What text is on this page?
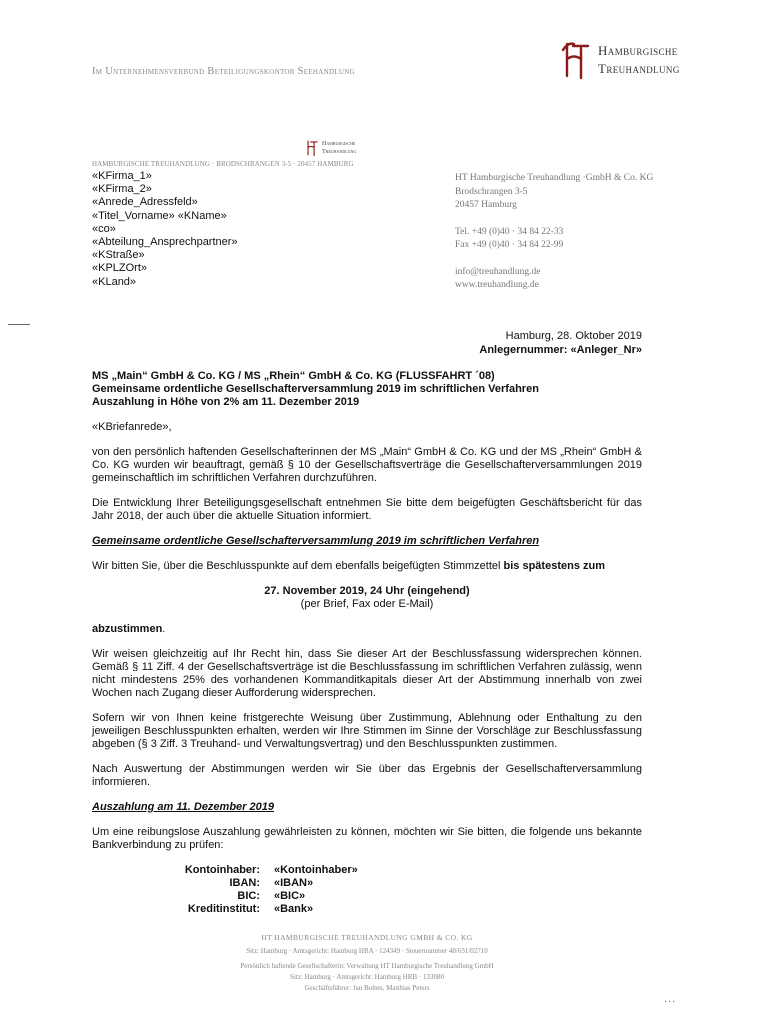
Im Unternehmensverbund Beteiligungskontor Seehandlung
Hamburgische
Treuhandlung
Hamburgische
Treuhandlung
HAMBURGISCHE TREUHANDLUNG · BRODSCHRANGEN 3-5 · 20457 HAMBURG
«KFirma_1»
«KFirma_2»
«Anrede_Adressfeld»
«Titel_Vorname» «KName»
«co»
«Abteilung_Ansprechpartner»
«KStraße»
«KPLZOrt»
«KLand»
HT Hamburgische Treuhandlung ·GmbH & Co. KG
Brodschrangen 3-5
20457 Hamburg
Tel. +49 (0)40 · 34 84 22-33
Fax +49 (0)40 · 34 84 22-99
info@treuhandlung.de
www.treuhandlung.de
Hamburg, 28. Oktober 2019
Anlegernummer: «Anleger_Nr»
MS „Main“ GmbH & Co. KG / MS „Rhein“ GmbH & Co. KG (FLUSSFAHRT ´08)
Gemeinsame ordentliche Gesellschafterversammlung 2019 im schriftlichen Verfahren
Auszahlung in Höhe von 2% am 11. Dezember 2019

«KBriefanrede»,

von den persönlich haftenden Gesellschafterinnen der MS „Main“ GmbH & Co. KG und der MS „Rhein“ GmbH & Co. KG wurden wir beauftragt, gemäß § 10 der Gesellschaftsverträge die Gesellschafterversammlungen 2019 gemeinschaftlich im schriftlichen Verfahren durchzuführen.

Die Entwicklung Ihrer Beteiligungsgesellschaft entnehmen Sie bitte dem beigefügten Geschäftsbericht für das Jahr 2018, der auch über die aktuelle Situation informiert.

Gemeinsame ordentliche Gesellschafterversammlung 2019 im schriftlichen Verfahren

Wir bitten Sie, über die Beschlusspunkte auf dem ebenfalls beigefügten Stimmzettel bis spätestens zum

27. November 2019, 24 Uhr (eingehend)
(per Brief, Fax oder E-Mail)

abzustimmen.

Wir weisen gleichzeitig auf Ihr Recht hin, dass Sie dieser Art der Beschlussfassung widersprechen können. Gemäß § 11 Ziff. 4 der Gesellschaftsverträge ist die Beschlussfassung im schriftlichen Verfahren zulässig, wenn nicht mindestens 25% des vorhandenen Kommanditkapitals dieser Art der Abstimmung innerhalb von zwei Wochen nach Zugang dieser Aufforderung widersprechen.

Sofern wir von Ihnen keine fristgerechte Weisung über Zustimmung, Ablehnung oder Enthaltung zu den jeweiligen Beschlusspunkten erhalten, werden wir Ihre Stimmen im Sinne der Vorschläge zur Beschlussfassung abgeben (§ 3 Ziff. 3 Treuhand- und Verwaltungsvertrag) und den Beschlusspunkten zustimmen.

Nach Auswertung der Abstimmungen werden wir Sie über das Ergebnis der Gesellschafterversammlung informieren.

Auszahlung am 11. Dezember 2019

Um eine reibungslose Auszahlung gewährleisten zu können, möchten wir Sie bitten, die folgende uns bekannte Bankverbindung zu prüfen:

Kontoinhaber:	«Kontoinhaber»
IBAN:	«IBAN»
BIC:	«BIC»
Kreditinstitut:	«Bank»
HT HAMBURGISCHE TREUHANDLUNG GMBH & CO. KG
Sitz: Hamburg · Amtsgericht: Hamburg HRA · 124349 · Steuernummer 48/631/02710
Persönlich haftende Gesellschafterin: Verwaltung HT Hamburgische Treuhandlung GmbH
Sitz: Hamburg · Amtsgericht: Hamburg HRB · 133080
Geschäftsführer: Jan Bolten, Matthias Peters
...
